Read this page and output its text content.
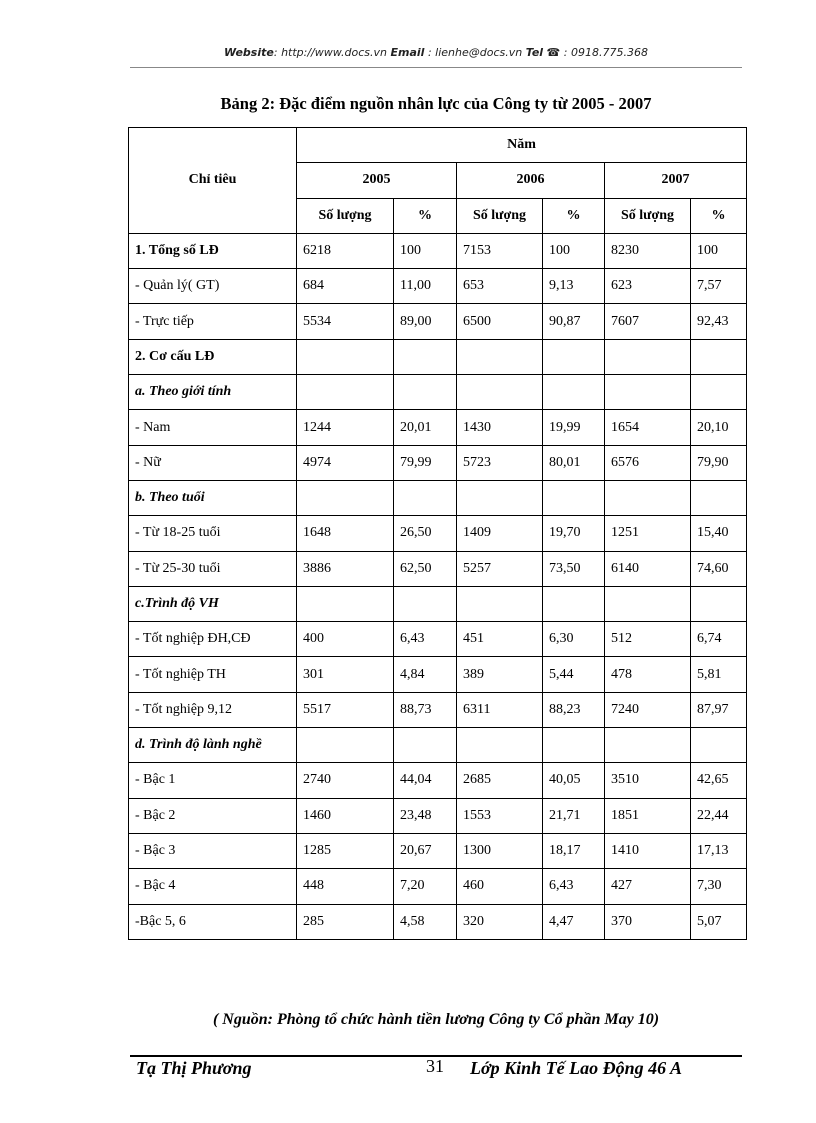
Website: http://www.docs.vn Email : lienhe@docs.vn Tel ☎ : 0918.775.368
Bảng 2: Đặc điểm nguồn nhân lực của Công ty từ 2005 - 2007
Chỉ tiêu	Năm					
	2005		2006		2007	
	Số lượng	%	Số lượng	%	Số lượng	%
1. Tổng số LĐ	6218	100	7153	100	8230	100
- Quản lý( GT)	684	11,00	653	9,13	623	7,57
- Trực tiếp	5534	89,00	6500	90,87	7607	92,43
2. Cơ cấu LĐ						
a. Theo giới tính						
- Nam	1244	20,01	1430	19,99	1654	20,10
- Nữ	4974	79,99	5723	80,01	6576	79,90
b. Theo tuổi						
- Từ 18-25 tuổi	1648	26,50	1409	19,70	1251	15,40
- Từ 25-30 tuổi	3886	62,50	5257	73,50	6140	74,60
c.Trình độ VH						
- Tốt nghiệp ĐH,CĐ	400	6,43	451	6,30	512	6,74
- Tốt nghiệp TH	301	4,84	389	5,44	478	5,81
- Tốt nghiệp 9,12	5517	88,73	6311	88,23	7240	87,97
d. Trình độ lành nghề						
- Bậc 1	2740	44,04	2685	40,05	3510	42,65
- Bậc 2	1460	23,48	1553	21,71	1851	22,44
- Bậc 3	1285	20,67	1300	18,17	1410	17,13
- Bậc 4	448	7,20	460	6,43	427	7,30
-Bậc 5, 6	285	4,58	320	4,47	370	5,07
( Nguồn: Phòng tổ chức hành tiền lương Công ty Cổ phần May 10)
Tạ Thị Phương	31 Lớp Kinh Tế Lao Động 46 A
